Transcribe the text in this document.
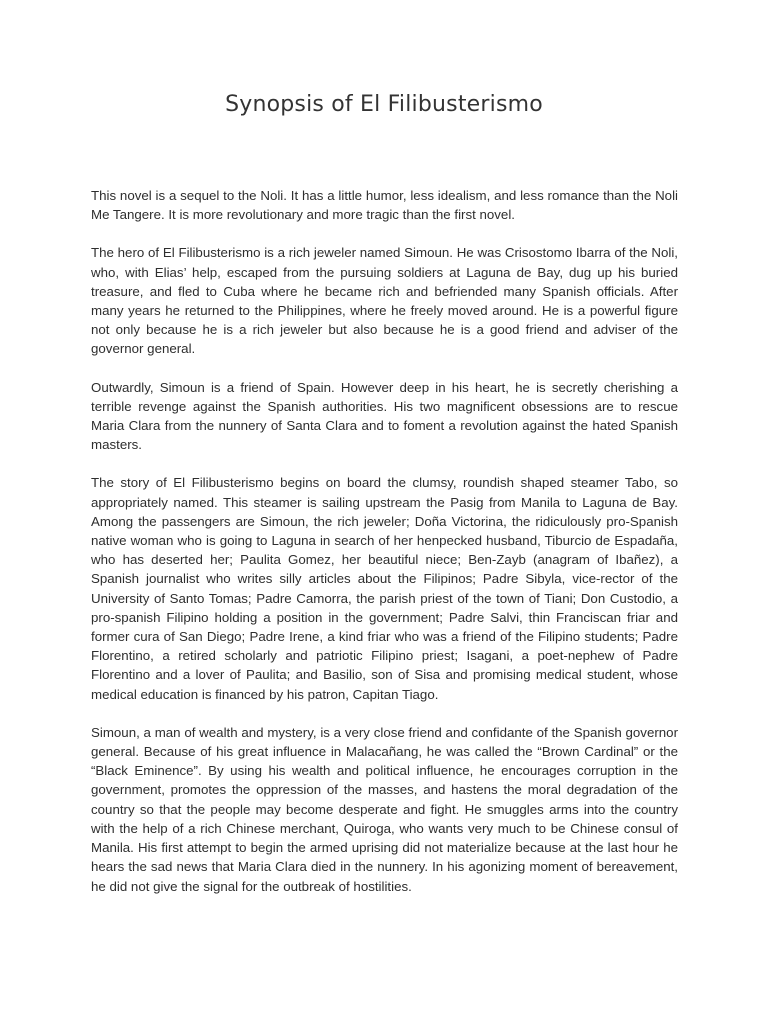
Synopsis of El Filibusterismo

This novel is a sequel to the Noli. It has a little humor, less idealism, and less romance than the Noli Me Tangere. It is more revolutionary and more tragic than the first novel.

The hero of El Filibusterismo is a rich jeweler named Simoun. He was Crisostomo Ibarra of the Noli, who, with Elias’ help, escaped from the pursuing soldiers at Laguna de Bay, dug up his buried treasure, and fled to Cuba where he became rich and befriended many Spanish officials. After many years he returned to the Philippines, where he freely moved around. He is a powerful figure not only because he is a rich jeweler but also because he is a good friend and adviser of the governor general.

Outwardly, Simoun is a friend of Spain. However deep in his heart, he is secretly cherishing a terrible revenge against the Spanish authorities. His two magnificent obsessions are to rescue Maria Clara from the nunnery of Santa Clara and to foment a revolution against the hated Spanish masters.

The story of El Filibusterismo begins on board the clumsy, roundish shaped steamer Tabo, so appropriately named. This steamer is sailing upstream the Pasig from Manila to Laguna de Bay. Among the passengers are Simoun, the rich jeweler; Doña Victorina, the ridiculously pro-Spanish native woman who is going to Laguna in search of her henpecked husband, Tiburcio de Espadaña, who has deserted her; Paulita Gomez, her beautiful niece; Ben-Zayb (anagram of Ibañez), a Spanish journalist who writes silly articles about the Filipinos; Padre Sibyla, vice-rector of the University of Santo Tomas; Padre Camorra, the parish priest of the town of Tiani; Don Custodio, a pro-spanish Filipino holding a position in the government; Padre Salvi, thin Franciscan friar and former cura of San Diego; Padre Irene, a kind friar who was a friend of the Filipino students; Padre Florentino, a retired scholarly and patriotic Filipino priest; Isagani, a poet-nephew of Padre Florentino and a lover of Paulita; and Basilio, son of Sisa and promising medical student, whose medical education is financed by his patron, Capitan Tiago.

Simoun, a man of wealth and mystery, is a very close friend and confidante of the Spanish governor general. Because of his great influence in Malacañang, he was called the “Brown Cardinal” or the “Black Eminence”. By using his wealth and political influence, he encourages corruption in the government, promotes the oppression of the masses, and hastens the moral degradation of the country so that the people may become desperate and fight. He smuggles arms into the country with the help of a rich Chinese merchant, Quiroga, who wants very much to be Chinese consul of Manila. His first attempt to begin the armed uprising did not materialize because at the last hour he hears the sad news that Maria Clara died in the nunnery. In his agonizing moment of bereavement, he did not give the signal for the outbreak of hostilities.
